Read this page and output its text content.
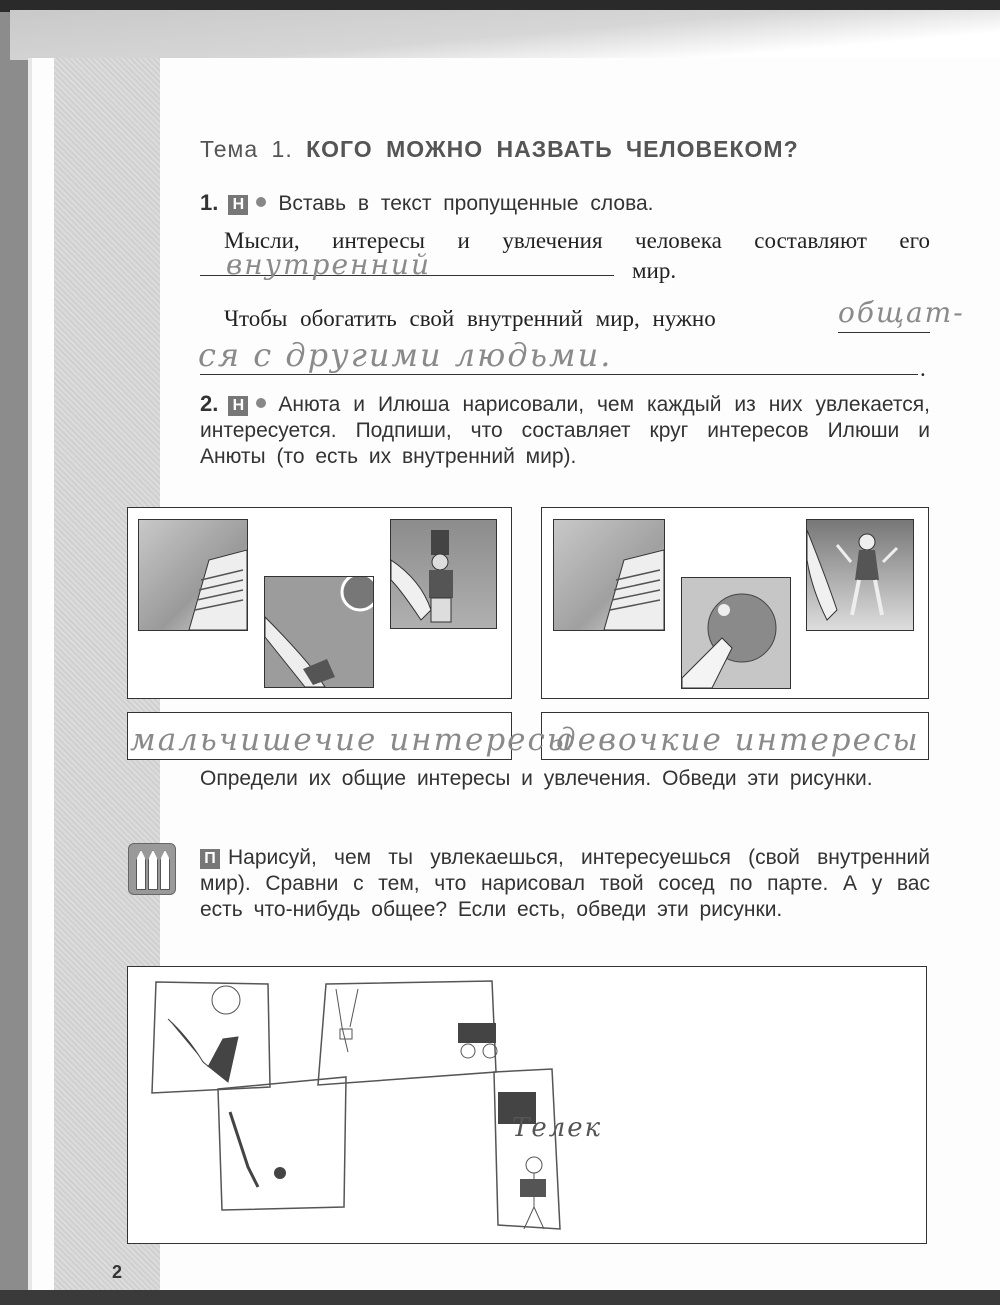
Тема 1. КОГО МОЖНО НАЗВАТЬ ЧЕЛОВЕКОМ?
1. Н Вставь в текст пропущенные слова.
Мысли, интересы и увлечения человека составляют его
внутренний	мир.
Чтобы обогатить свой внутренний мир, нужно	общат-
ся с другими людьми.	.
2. Н Анюта и Илюша нарисовали, чем каждый из них увлекается, интересуется. Подпиши, что составляет круг интересов Илюши и Анюты (то есть их внутренний мир).
мальчишечие интересы
девочкие интересы
Определи их общие интересы и увлечения. Обведи эти рисунки.
П Нарисуй, чем ты увлекаешься, интересуешься (свой внутренний мир). Сравни с тем, что нарисовал твой сосед по парте. А у вас есть что-нибудь общее? Если есть, обведи эти рисунки.
Телек
2
